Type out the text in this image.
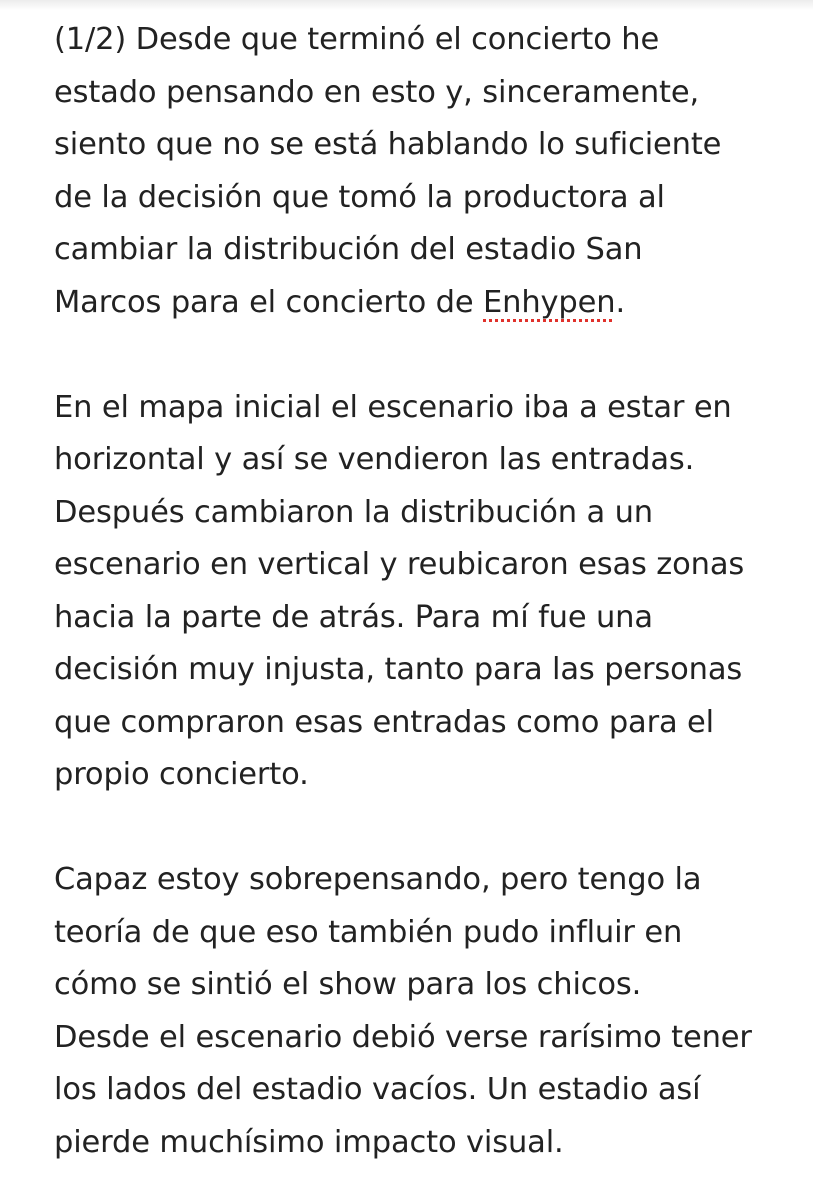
(1/2) Desde que terminó el concierto he
estado pensando en esto y, sinceramente,
siento que no se está hablando lo suficiente
de la decisión que tomó la productora al
cambiar la distribución del estadio San
Marcos para el concierto de Enhypen.
En el mapa inicial el escenario iba a estar en
horizontal y así se vendieron las entradas.
Después cambiaron la distribución a un
escenario en vertical y reubicaron esas zonas
hacia la parte de atrás. Para mí fue una
decisión muy injusta, tanto para las personas
que compraron esas entradas como para el
propio concierto.
Capaz estoy sobrepensando, pero tengo la
teoría de que eso también pudo influir en
cómo se sintió el show para los chicos.
Desde el escenario debió verse rarísimo tener
los lados del estadio vacíos. Un estadio así
pierde muchísimo impacto visual.
